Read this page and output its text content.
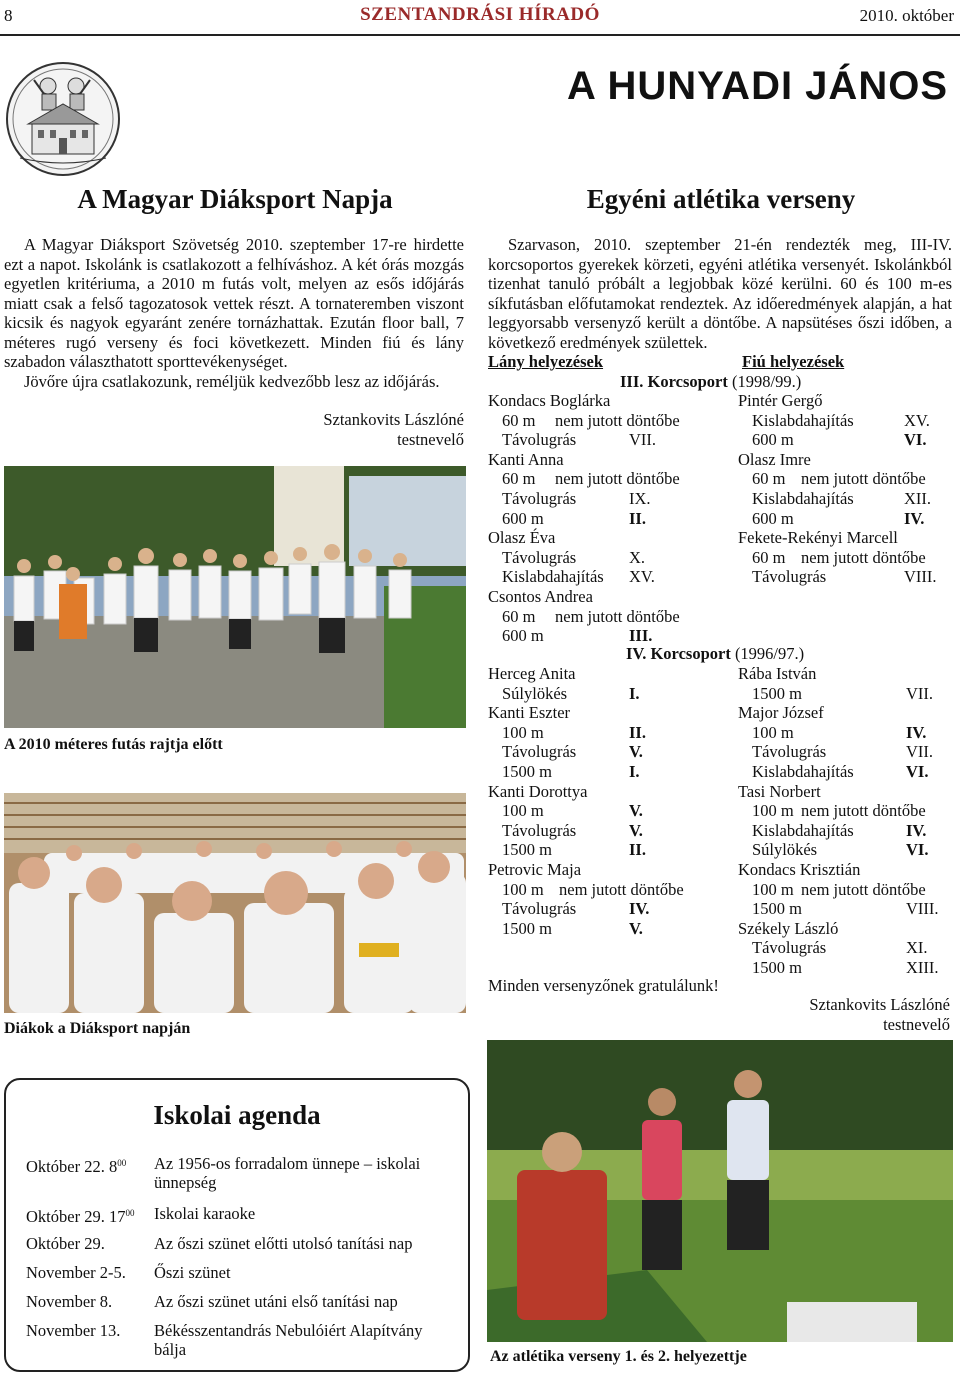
8	SZENTANDRÁSI HÍRADÓ	2010. október
A HUNYADI JÁNOS
A Magyar Diáksport Napja

A Magyar Diáksport Szövetség 2010. szeptember 17-re hirdette ezt a napot. Iskolánk is csatlakozott a felhíváshoz. A két órás mozgás egyetlen kritériuma, a 2010 m futás volt, melyen az esős időjárás miatt csak a felső tagozatosok vettek részt. A tornateremben viszont kicsik és nagyok egyaránt zenére tornázhattak. Ezután floor ball, 7 méteres rugó verseny és foci következett. Minden fiú és lány szabadon választhatott sporttevékenységet.

Jövőre újra csatlakozunk, reméljük kedvezőbb lesz az időjárás.

Sztankovits Lászlóné
testnevelő
A 2010 méteres futás rajtja előtt
Diákok a Diáksport napján
Egyéni atlétika verseny
Szarvason, 2010. szeptember 21-én rendezték meg, III-IV. korcsoportos gyerekek körzeti, egyéni atlétika versenyét. Iskolánkból tizenhat tanuló próbált a legjobbak közé kerülni. 60 és 100 m-es síkfutásban előfutamokat rendeztek. Az időeredmények alapján, a hat leggyorsabb versenyző került a döntőbe. A napsütéses őszi időben, a következő eredmények születtek.
Lány helyezések	Fiú helyezések
III. Korcsoport (1998/99.)
Kondacs Boglárka
60 m nem jutott döntőbe
Távolugrás	VII.
Kanti Anna
60 m nem jutott döntőbe
Távolugrás	IX.
600 m	II.
Olasz Éva
Távolugrás	X.
Kislabdahajítás XV.
Csontos Andrea
60 m nem jutott döntőbe
600 m	III.
Pintér Gergő
Kislabdahajítás	XV.
600 m	VI.
Olasz Imre
60 m nem jutott döntőbe
Kislabdahajítás	XII.
600 m	IV.
Fekete-Rekényi Marcell
60 m nem jutott döntőbe
Távolugrás	VIII.
IV. Korcsoport (1996/97.)
Herceg Anita
Súlylökés	I.
Kanti Eszter
100 m	II.
Távolugrás	V.
1500 m	I.
Kanti Dorottya
100 m	V.
Távolugrás	V.
1500 m	II.
Petrovic Maja
100 m nem jutott döntőbe
Távolugrás	IV.
1500 m	V.
Rába István
1500 m	VII.
Major József
100 m	IV.
Távolugrás	VII.
Kislabdahajítás	VI.
Tasi Norbert
100 m nem jutott döntőbe
Kislabdahajítás	IV.
Súlylökés	VI.
Kondacs Krisztián
100 m nem jutott döntőbe
1500 m	VIII.
Székely László
Távolugrás	XI.
1500 m	XIII.
Minden versenyzőnek gratulálunk!
Sztankovits Lászlóné
testnevelő
Az atlétika verseny 1. és 2. helyezettje
Iskolai agenda
Október 22. $8^{00}$	Az 1956-os forradalom ünnepe – iskolai ünnepség
Október 29. $17^{00}$	Iskolai karaoke
Október 29.	Az őszi szünet előtti utolsó tanítási nap
November 2-5.	Őszi szünet
November 8.	Az őszi szünet utáni első tanítási nap
November 13.	Békésszentandrás Nebulóiért Alapítvány bálja
